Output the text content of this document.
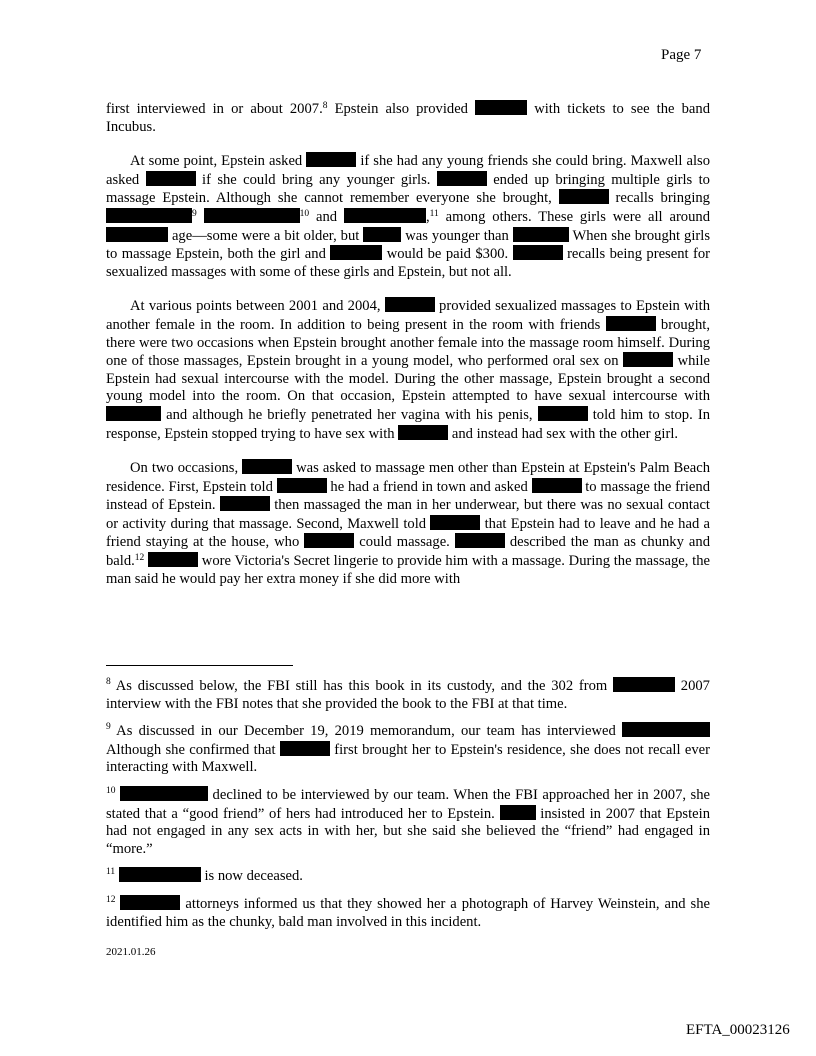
Page 7

first interviewed in or about 2007.$^8$ Epstein also provided	with tickets to see the band Incubus.

At some point, Epstein asked	if she had any young friends she could bring. Maxwell also asked	if she could bring any younger girls.	ended up bringing multiple girls to massage Epstein. Although she cannot remember everyone she brought,	recalls bringing $^9$	$^{10}$ and	,$^{11}$ among others. These girls were all around  age—some were a bit older, but	was younger than	When she brought girls to massage Epstein, both the girl and	would be paid $300.	recalls being present for sexualized massages with some of these girls and Epstein, but not all.

At various points between 2001 and 2004,	provided sexualized massages to Epstein with another female in the room. In addition to being present in the room with friends	brought, there were two occasions when Epstein brought another female into the massage room himself. During one of those massages, Epstein brought in a young model, who performed oral sex on	while Epstein had sexual intercourse with the model. During the other massage, Epstein brought a second young model into the room. On that occasion, Epstein attempted to have sexual intercourse with  and although he briefly penetrated her vagina with his penis,	told him to stop. In response, Epstein stopped trying to have sex with	and instead had sex with the other girl.

On two occasions,	was asked to massage men other than Epstein at Epstein's Palm Beach residence. First, Epstein told	he had a friend in town and asked	to massage the friend instead of Epstein.	then massaged the man in her underwear, but there was no sexual contact or activity during that massage. Second, Maxwell told	that Epstein had to leave and he had a friend staying at the house, who	could massage.	described the man as chunky and bald.$^{12}$	wore Victoria's Secret lingerie to provide him with a massage. During the massage, the man said he would pay her extra money if she did more with

$^8$ As discussed below, the FBI still has this book in its custody, and the 302 from	2007 interview with the FBI notes that she provided the book to the FBI at that time.

$^9$ As discussed in our December 19, 2019 memorandum, our team has interviewed  Although she confirmed that	first brought her to Epstein's residence, she does not recall ever interacting with Maxwell.

$^{10}$	declined to be interviewed by our team. When the FBI approached her in 2007, she stated that a “good friend” of hers had introduced her to Epstein.  insisted in 2007 that Epstein had not engaged in any sex acts in with her, but she said she believed the “friend” had engaged in “more.”

$^{11}$	is now deceased.

$^{12}$	attorneys informed us that they showed her a photograph of Harvey Weinstein, and she identified him as the chunky, bald man involved in this incident.

2021.01.26
EFTA_00023126
